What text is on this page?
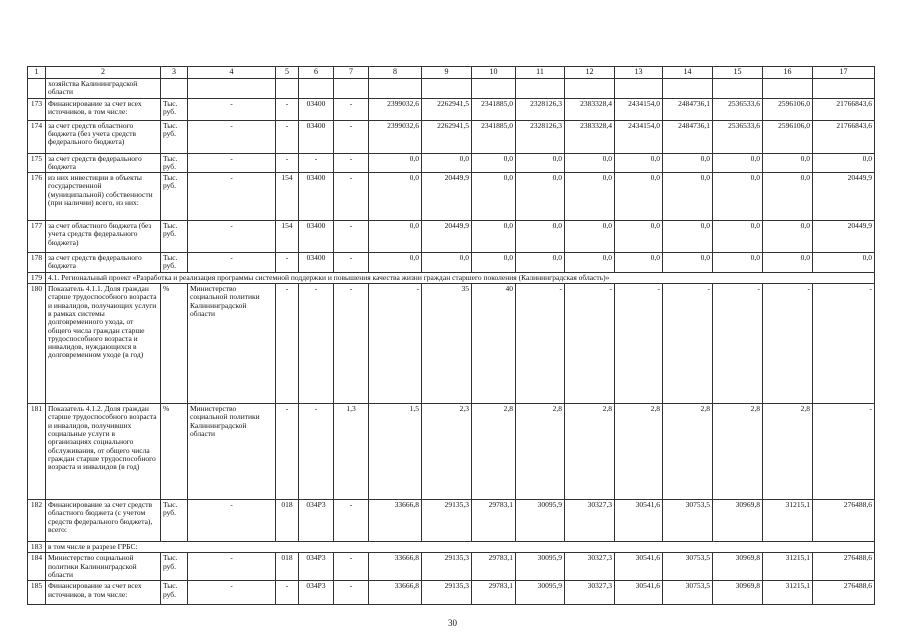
1	2	3	4	5	6	7	8	9	10	11	12	13	14	15	16	17
	хозяйства Калининградской области															
173	Финансирование за счет всех источников, в том числе:	Тыс. руб.	-	-	03400	-	2399032,6	2262941,5	2341885,0	2328126,3	2383328,4	2434154,0	2484736,1	2536533,6	2596106,0	21766843,6
174	за счет средств областного бюджета (без учета средств федерального бюджета)	Тыс. руб.	-	-	03400	-	2399032,6	2262941,5	2341885,0	2328126,3	2383328,4	2434154,0	2484736,1	2536533,6	2596106,0	21766843,6
175	за счет средств федерального бюджета	Тыс. руб.	-	-	-	-	0,0	0,0	0,0	0,0	0,0	0,0	0,0	0,0	0,0	0,0
176	из них инвестиции в объекты государственной (муниципальной) собственности (при наличии) всего, из них:	Тыс. руб.	-	154	03400	-	0,0	20449,9	0,0	0,0	0,0	0,0	0,0	0,0	0,0	20449,9
177	за счет областного бюджета (без учета средств федерального бюджета)	Тыс. руб.	-	154	03400	-	0,0	20449,9	0,0	0,0	0,0	0,0	0,0	0,0	0,0	20449,9
178	за счет средств федерального бюджета	Тыс. руб.	-	-	03400	-	0,0	0,0	0,0	0,0	0,0	0,0	0,0	0,0	0,0	0,0
179	4.1. Региональный проект «Разработка и реализация программы системной поддержки и повышения качества жизни граждан старшего поколения (Калининградская область)»															
180	Показатель 4.1.1. Доля граждан старше трудоспособного возраста и инвалидов, получающих услуги в рамках системы долговременного ухода, от общего числа граждан старше трудоспособного возраста и инвалидов, нуждающихся в долговременном уходе (в год)	%	Министерство социальной политики Калининградской области	-	-	-	-	35	40	-	-	-	-	-	-	-
181	Показатель 4.1.2. Доля граждан старше трудоспособного возраста и инвалидов, получивших социальные услуги в организациях социального обслуживания, от общего числа граждан старше трудоспособного возраста и инвалидов (в год)	%	Министерство социальной политики Калининградской области	-	-	1,3	1,5	2,3	2,8	2,8	2,8	2,8	2,8	2,8	2,8	-
182	Финансирование за счет средств областного бюджета (с учетом средств федерального бюджета), всего:	Тыс. руб.	-	018	034P3	-	33666,8	29135,3	29783,1	30095,9	30327,3	30541,6	30753,5	30969,8	31215,1	276488,6
183	в том числе в разрезе ГРБС:															
184	Министерство социальной политики Калининградской области	Тыс. руб.	-	018	034P3	-	33666,8	29135,3	29783,1	30095,9	30327,3	30541,6	30753,5	30969,8	31215,1	276488,6
185	Финансирование за счет всех источников, в том числе:	Тыс. руб.	-	-	034P3	-	33666,8	29135,3	29783,1	30095,9	30327,3	30541,6	30753,5	30969,8	31215,1	276488,6
30
